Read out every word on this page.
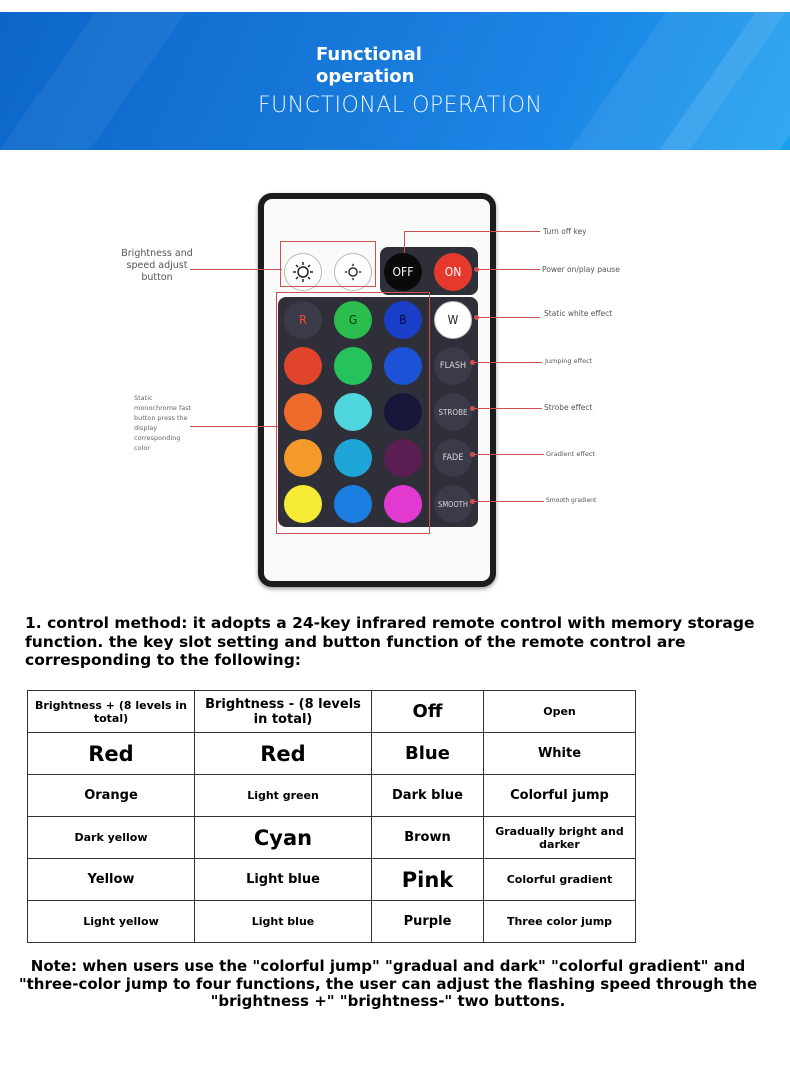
Functional operation
FUNCTIONAL OPERATION
OFF	ON
R	G	B	W
FLASH
STROBE
FADE
SMOOTH
Brightness and speed adjust button
Static monochrome fast button press the display corresponding color
Turn off key
Power on/play pause
Static white effect
Jumping effect
Strobe effect
Gradient effect
Smooth gradient

1. control method: it adopts a 24-key infrared remote control with memory storage function. the key slot setting and button function of the remote control are corresponding to the following:

Brightness + (8 levels in total)	Brightness - (8 levels in total)	Off	Open
Red	Red	Blue	White
Orange	Light green	Dark blue	Colorful jump
Dark yellow	Cyan	Brown	Gradually bright and darker
Yellow	Light blue	Pink	Colorful gradient
Light yellow	Light blue	Purple	Three color jump

Note: when users use the "colorful jump" "gradual and dark" "colorful gradient" and "three-color jump to four functions, the user can adjust the flashing speed through the "brightness +" "brightness-" two buttons.
